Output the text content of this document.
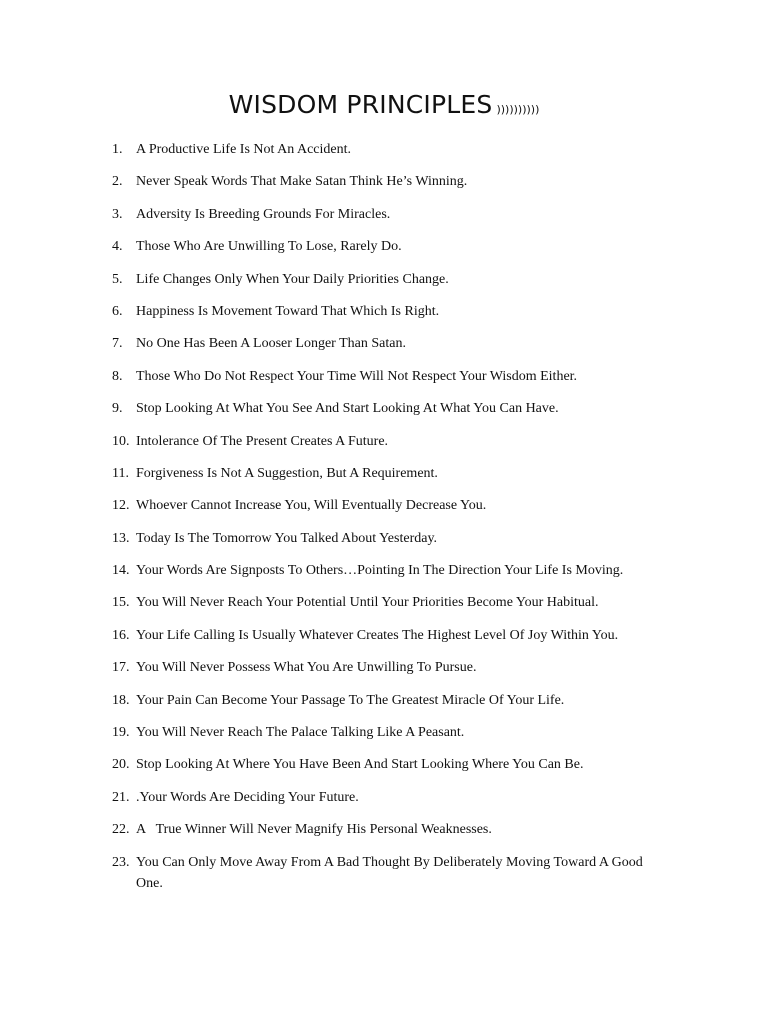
WISDOM PRINCIPLES ))))))))))
1. A Productive Life Is Not An Accident.
2. Never Speak Words That Make Satan Think He’s Winning.
3. Adversity Is Breeding Grounds For Miracles.
4. Those Who Are Unwilling To Lose, Rarely Do.
5. Life Changes Only When Your Daily Priorities Change.
6. Happiness Is Movement Toward That Which Is Right.
7. No One Has Been A Looser Longer Than Satan.
8. Those Who Do Not Respect Your Time Will Not Respect Your Wisdom Either.
9. Stop Looking At What You See And Start Looking At What You Can Have.
10. Intolerance Of The Present Creates A Future.
11. Forgiveness Is Not A Suggestion, But A Requirement.
12. Whoever Cannot Increase You, Will Eventually Decrease You.
13. Today Is The Tomorrow You Talked About Yesterday.
14. Your Words Are Signposts To Others…Pointing In The Direction Your Life Is Moving.
15. You Will Never Reach Your Potential Until Your Priorities Become Your Habitual.
16. Your Life Calling Is Usually Whatever Creates The Highest Level Of Joy Within You.
17. You Will Never Possess What You Are Unwilling To Pursue.
18. Your Pain Can Become Your Passage To The Greatest Miracle Of Your Life.
19. You Will Never Reach The Palace Talking Like A Peasant.
20. Stop Looking At Where You Have Been And Start Looking Where You Can Be.
21. .Your Words Are Deciding Your Future.
22. A   True Winner Will Never Magnify His Personal Weaknesses.
23. You Can Only Move Away From A Bad Thought By Deliberately Moving Toward A Good One.
